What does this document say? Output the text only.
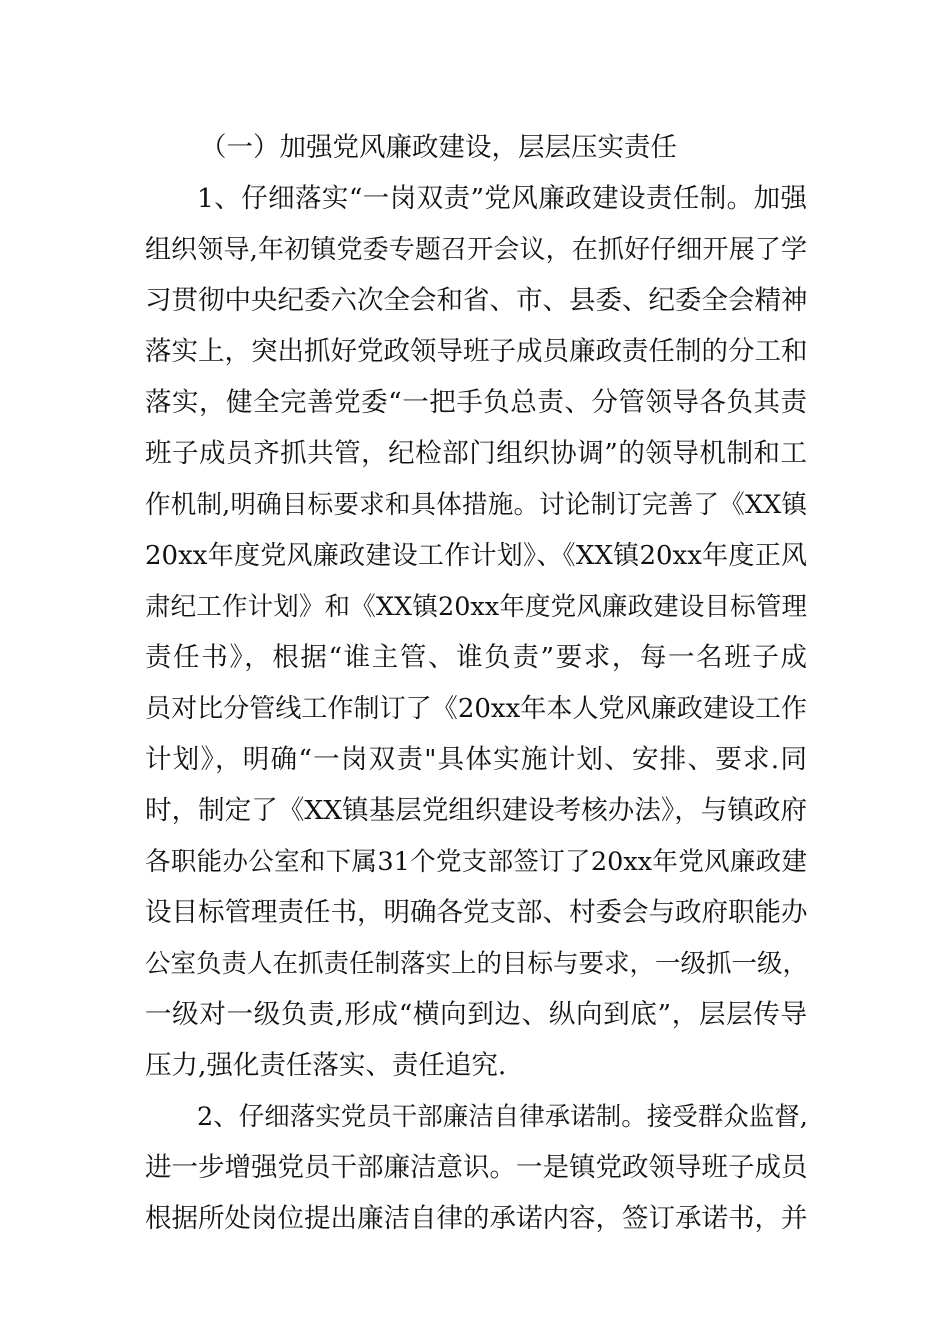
（一）加强党风廉政建设，层层压实责任
1、仔细落实“一岗双责”党风廉政建设责任制。加强
组织领导,年初镇党委专题召开会议，在抓好仔细开展了学
习贯彻中央纪委六次全会和省、市、县委、纪委全会精神
落实上，突出抓好党政领导班子成员廉政责任制的分工和
落实，健全完善党委“一把手负总责、分管领导各负其责
班子成员齐抓共管，纪检部门组织协调”的领导机制和工
作机制,明确目标要求和具体措施。讨论制订完善了《XX镇
20xx年度党风廉政建设工作计划》、《XX镇20xx年度正风
肃纪工作计划》和《XX镇20xx年度党风廉政建设目标管理
责任书》，根据“谁主管、谁负责”要求，每一名班子成
员对比分管线工作制订了《20xx年本人党风廉政建设工作
计划》，明确“一岗双责"具体实施计划、安排、要求.同
时，制定了《XX镇基层党组织建设考核办法》，与镇政府
各职能办公室和下属31个党支部签订了20xx年党风廉政建
设目标管理责任书，明确各党支部、村委会与政府职能办
公室负责人在抓责任制落实上的目标与要求，一级抓一级，
一级对一级负责,形成“横向到边、纵向到底”，层层传导
压力,强化责任落实、责任追究.
2、仔细落实党员干部廉洁自律承诺制。接受群众监督,
进一步增强党员干部廉洁意识。一是镇党政领导班子成员
根据所处岗位提出廉洁自律的承诺内容，签订承诺书，并
